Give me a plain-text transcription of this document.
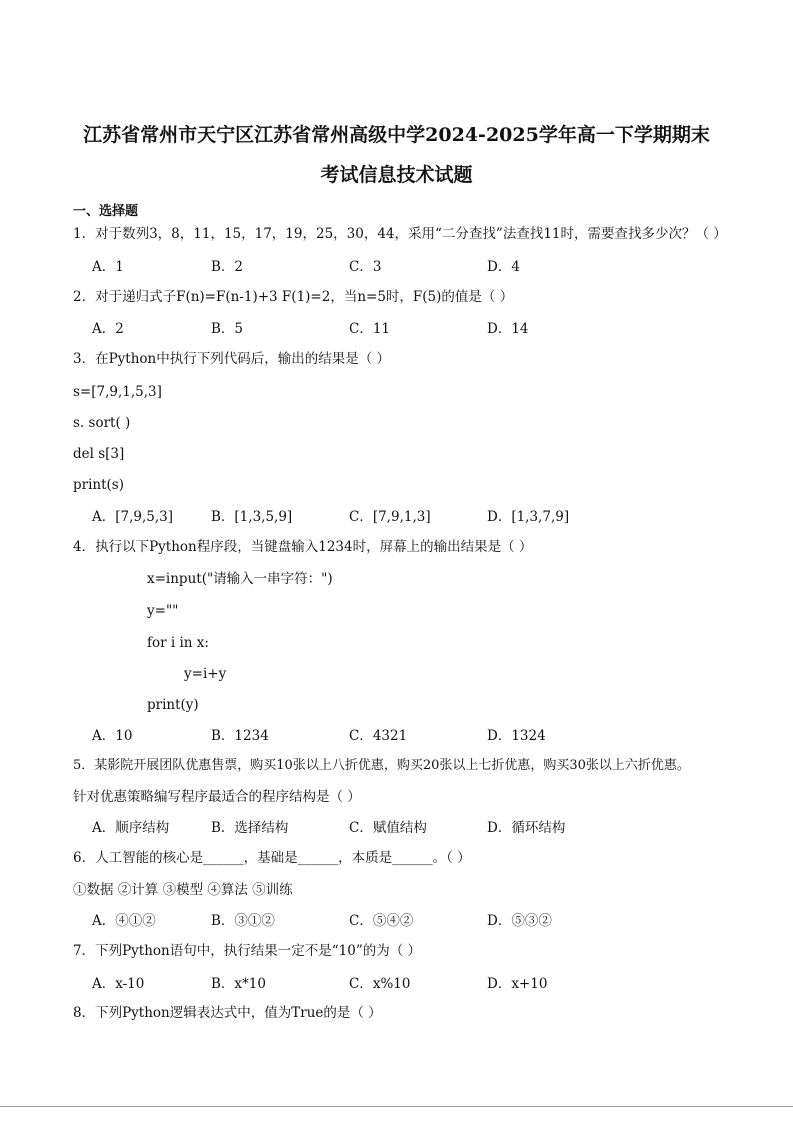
江苏省常州市天宁区江苏省常州高级中学2024-2025学年高一下学期期末
考试信息技术试题
一、选择题
1．对于数列3，8，11，15，17，19，25，30，44，采用“二分查找”法查找11时，需要查找多少次？（ ）
A．1	B．2	C．3	D．4
2．对于递归式子F(n)=F(n-1)+3 F(1)=2，当n=5时，F(5)的值是（ ）
A．2	B．5	C．11	D．14
3．在Python中执行下列代码后，输出的结果是（ ）
s=[7,9,1,5,3]
s. sort( )
del s[3]
print(s)
A．[7,9,5,3]	B．[1,3,5,9]	C．[7,9,1,3]	D．[1,3,7,9]
4．执行以下Python程序段，当键盘输入1234时，屏幕上的输出结果是（ ）
x=input("请输入一串字符：")
y=""
for i in x:
y=i+y
print(y)
A．10	B．1234	C．4321	D．1324
5．某影院开展团队优惠售票，购买10张以上八折优惠，购买20张以上七折优惠，购买30张以上六折优惠。
针对优惠策略编写程序最适合的程序结构是（ ）
A．顺序结构	B．选择结构	C．赋值结构	D．循环结构
6．人工智能的核心是______，基础是______，本质是______。（ ）
①数据 ②计算 ③模型 ④算法 ⑤训练
A．④①②	B．③①②	C．⑤④②	D．⑤③②
7．下列Python语句中，执行结果一定不是“10”的为（ ）
A．x-10	B．x*10	C．x%10	D．x+10
8．下列Python逻辑表达式中，值为True的是（ ）
